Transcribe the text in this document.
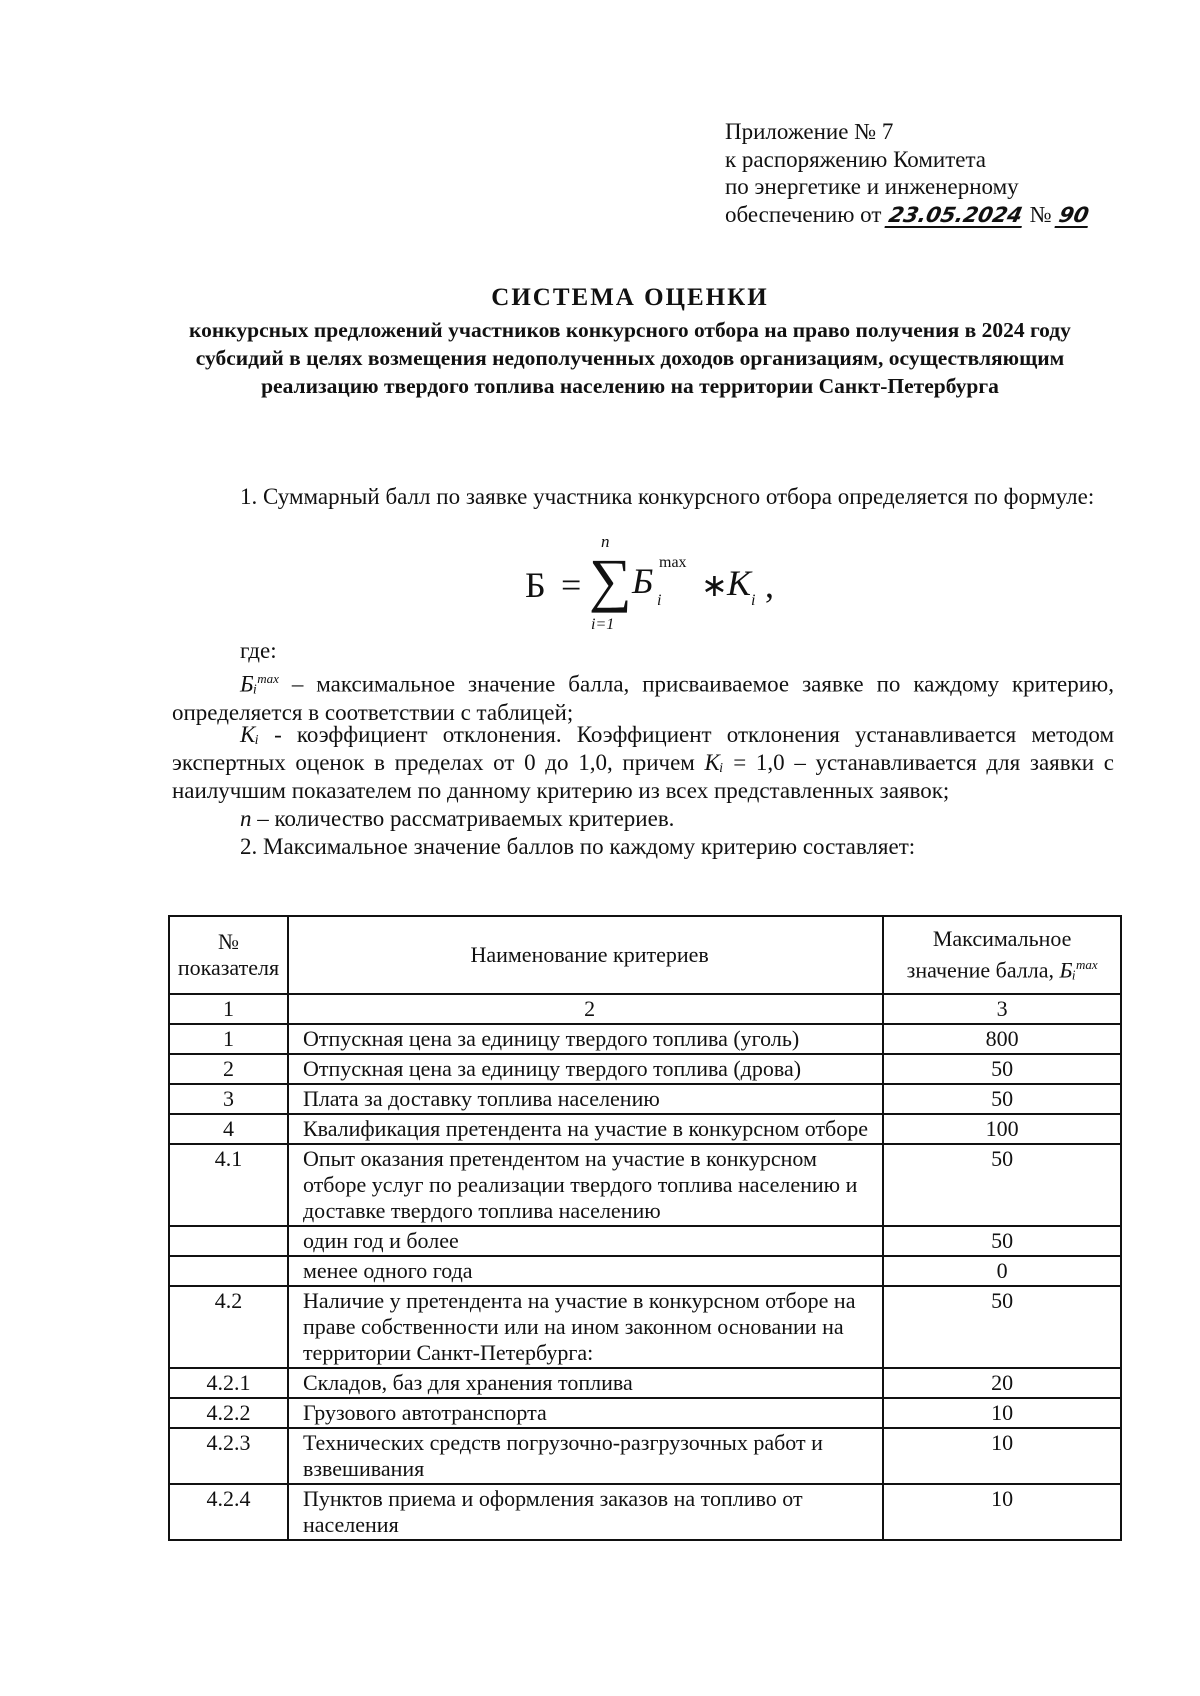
Приложение № 7
к распоряжению Комитета
по энергетике и инженерному
обеспечению от 23.05.2024 № 90
СИСТЕМА ОЦЕНКИ
конкурсных предложений участников конкурсного отбора на право получения в 2024 году субсидий в целях возмещения недополученных доходов организациям, осуществляющим реализацию твердого топлива населению на территории Санкт-Петербурга
1. Суммарный балл по заявке участника конкурсного отбора определяется по формуле:
Б =
n
∑
i=1
Б max
i ∗ K i ,
где:
Бᵢ$^{max}$ – максимальное значение балла, присваиваемое заявке по каждому критерию, определяется в соответствии с таблицей;
Kᵢ - коэффициент отклонения. Коэффициент отклонения устанавливается методом экспертных оценок в пределах от 0 до 1,0, причем Kᵢ = 1,0 – устанавливается для заявки с наилучшим показателем по данному критерию из всех представленных заявок;
n – количество рассматриваемых критериев.
2. Максимальное значение баллов по каждому критерию составляет:
№ показателя	Наименование критериев	Максимальное значение балла, Бᵢ$^{max}$
1	2	3
1	Отпускная цена за единицу твердого топлива (уголь)	800
2	Отпускная цена за единицу твердого топлива (дрова)	50
3	Плата за доставку топлива населению	50
4	Квалификация претендента на участие в конкурсном отборе	100
4.1	Опыт оказания претендентом на участие в конкурсном отборе услуг по реализации твердого топлива населению и доставке твердого топлива населению	50
	один год и более	50
	менее одного года	0
4.2	Наличие у претендента на участие в конкурсном отборе на праве собственности или на ином законном основании на территории Санкт-Петербурга:	50
4.2.1	Складов, баз для хранения топлива	20
4.2.2	Грузового автотранспорта	10
4.2.3	Технических средств погрузочно-разгрузочных работ и взвешивания	10
4.2.4	Пунктов приема и оформления заказов на топливо от населения	10
